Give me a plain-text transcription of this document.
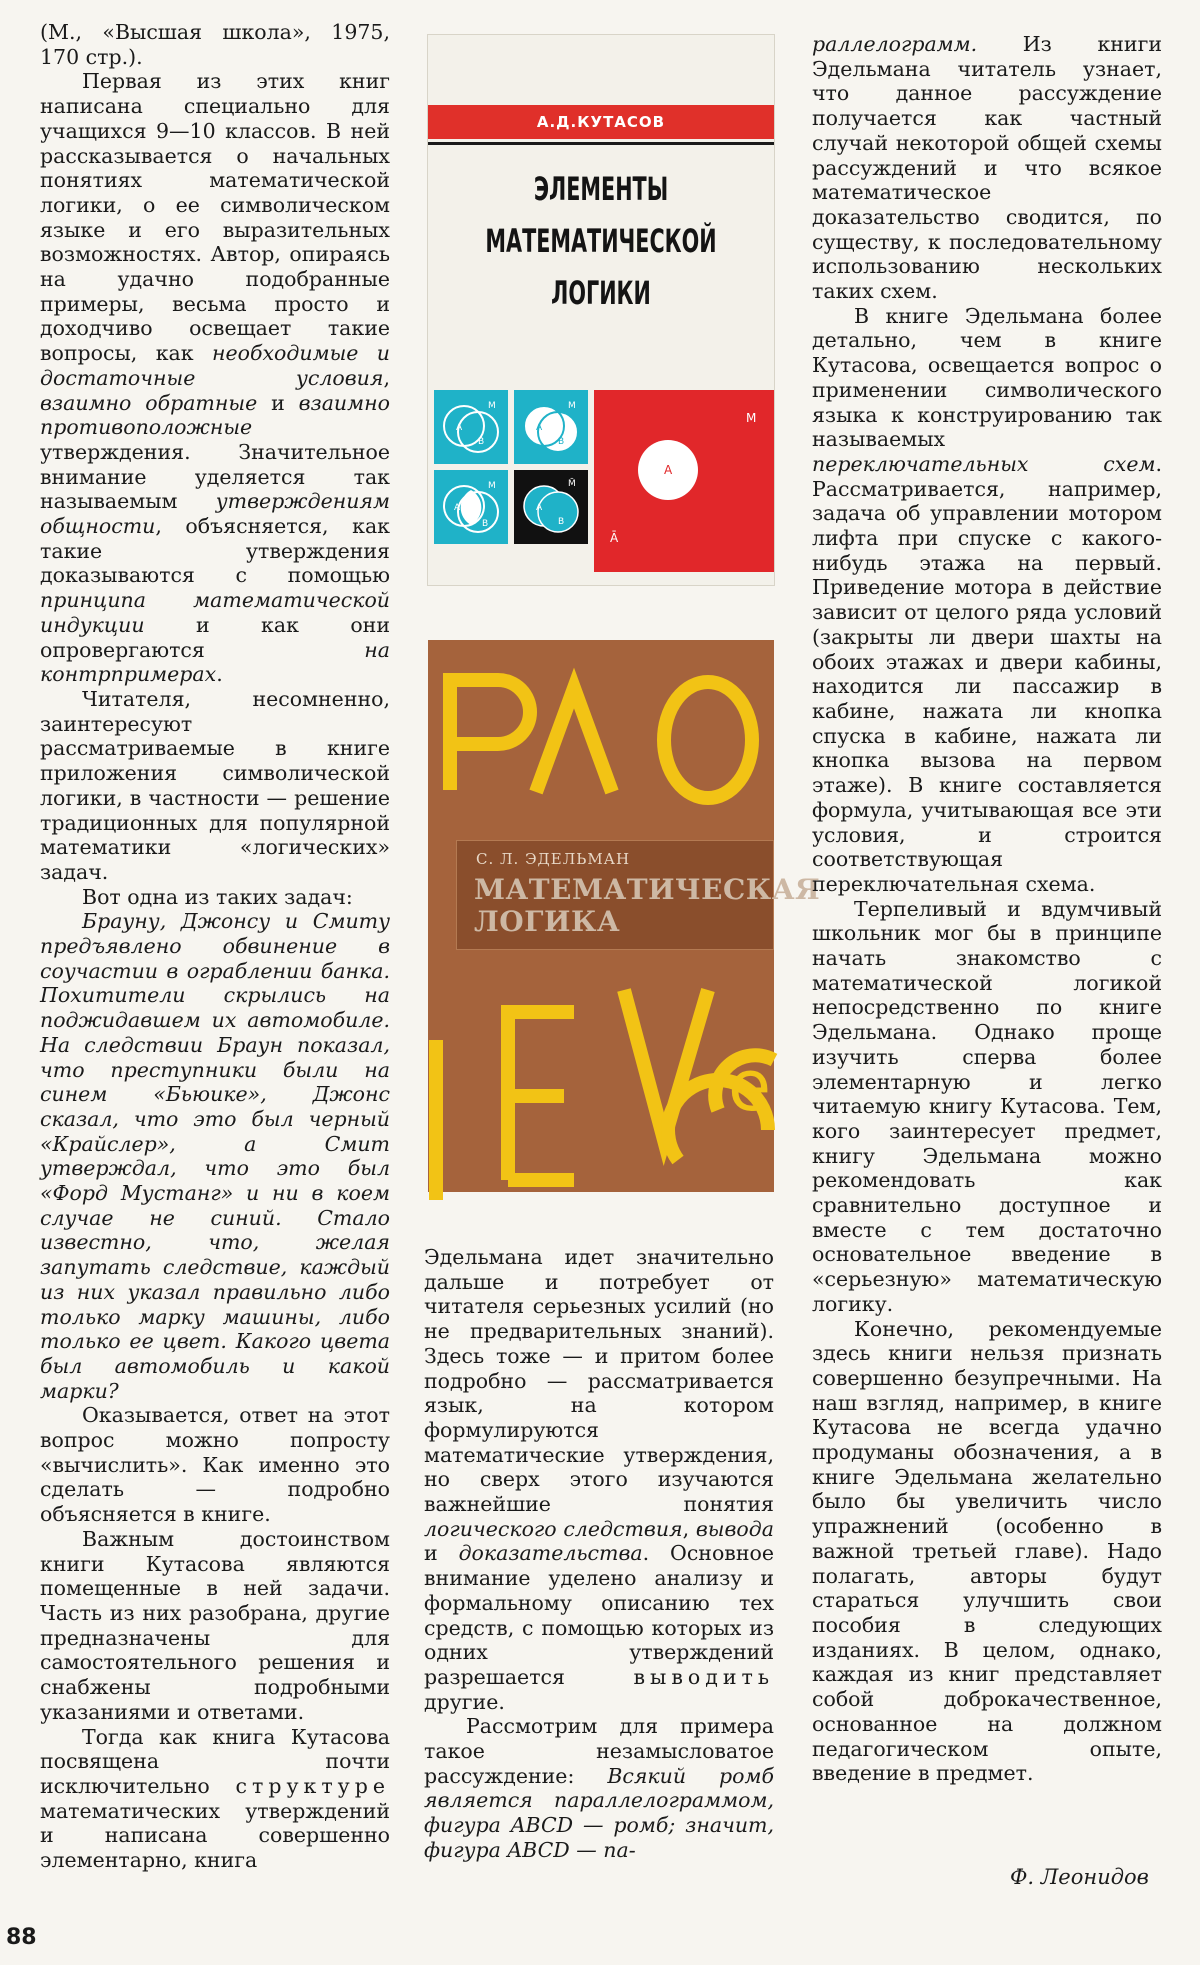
(М., «Высшая школа», 1975, 170 стр.).

Первая из этих книг написана специально для учащихся 9—10 классов. В ней рассказывается о начальных понятиях математической логики, о ее символическом языке и его выразительных возможностях. Автор, опираясь на удачно подобранные примеры, весьма просто и доходчиво освещает такие вопросы, как необходимые и достаточные условия, взаимно обратные и взаимно противоположные утверждения. Значительное внимание уделяется так называемым утверждениям общности, объясняется, как такие утверждения доказываются с помощью принципа математической индукции	и как они опровергаются	на контрпримерах.

Читателя, несомненно, заинтересуют рассматриваемые в книге приложения символической логики, в частности — решение традиционных для популярной математики «логических» задач.

Вот одна из таких задач:

Брауну, Джонсу и Смиту предъявлено обвинение в соучастии в ограблении банка. Похитители скрылись на поджидавшем их автомобиле. На следствии Браун показал, что преступники были на синем «Бьюике», Джонс сказал, что это был черный «Крайслер», а Смит утверждал, что это был «Форд Мустанг» и ни в коем случае не синий. Стало известно, что, желая запутать следствие, каждый из них указал правильно либо только марку машины, либо только ее цвет. Какого цвета был автомобиль и какой марки?

Оказывается, ответ на этот вопрос можно попросту «вычислить». Как именно это сделать — подробно объясняется в книге.

Важным достоинством книги Кутасова являются помещенные в ней задачи. Часть из них разобрана, другие предназначены для самостоятельного решения и снабжены подробными указаниями и ответами.

Тогда как книга Кутасова посвящена почти исключительно структуре математических утверждений и написана совершенно элементарно, книга

А.Д.КУТАСОВ
ЭЛЕМЕНТЫ
МАТЕМАТИЧЕСКОЙ
ЛОГИКИ
М
A
B
М
A
B
М
A
B
M̄
A
B
М
A
Ā
e
С. Л. ЭДЕЛЬМАН
МАТЕМАТИЧЕСКАЯ
ЛОГИКА

Эдельмана идет значительно дальше и потребует от читателя серьезных усилий (но не предварительных знаний). Здесь тоже — и притом более подробно — рассматривается язык, на котором формулируются математические утверждения, но сверх этого изучаются важнейшие понятия логического следствия, вывода и доказательства. Основное внимание уделено анализу и формальному описанию тех средств, с помощью которых из одних утверждений разрешается	выводить другие.

Рассмотрим для примера такое незамысловатое рассуждение: Всякий ромб является параллелограммом, фигура ABCD — ромб; значит, фигура ABCD — па-

раллелограмм. Из книги Эдельмана читатель узнает, что данное рассуждение получается как частный случай некоторой общей схемы рассуждений и что всякое математическое доказательство сводится, по существу, к последовательному использованию нескольких таких схем.

В книге Эдельмана более детально, чем в книге Кутасова, освещается вопрос о применении символического языка к конструированию так называемых переключательных схем. Рассматривается, например, задача об управлении мотором лифта при спуске с какого-нибудь этажа на первый. Приведение мотора в действие зависит от целого ряда условий (закрыты ли двери шахты на обоих этажах и двери кабины, находится ли пассажир в кабине, нажата ли кнопка спуска в кабине, нажата ли кнопка вызова на первом этаже). В книге составляется формула, учитывающая все эти условия, и строится соответствующая переключательная схема.

Терпеливый и вдумчивый школьник мог бы в принципе начать знакомство с математической логикой непосредственно по книге Эдельмана. Однако проще изучить сперва более элементарную и легко читаемую книгу Кутасова. Тем, кого заинтересует предмет, книгу Эдельмана можно рекомендовать как сравнительно доступное и вместе с тем достаточно основательное введение в «серьезную» математическую логику.

Конечно, рекомендуемые здесь книги нельзя признать совершенно безупречными. На наш взгляд, например, в книге Кутасова не всегда удачно продуманы обозначения, а в книге Эдельмана желательно было бы увеличить число упражнений (особенно в важной третьей главе). Надо полагать, авторы будут стараться улучшить свои пособия в следующих изданиях. В целом, однако, каждая из книг представляет собой доброкачественное, основанное на должном педагогическом опыте, введение в предмет.

Ф. Леонидов
88
